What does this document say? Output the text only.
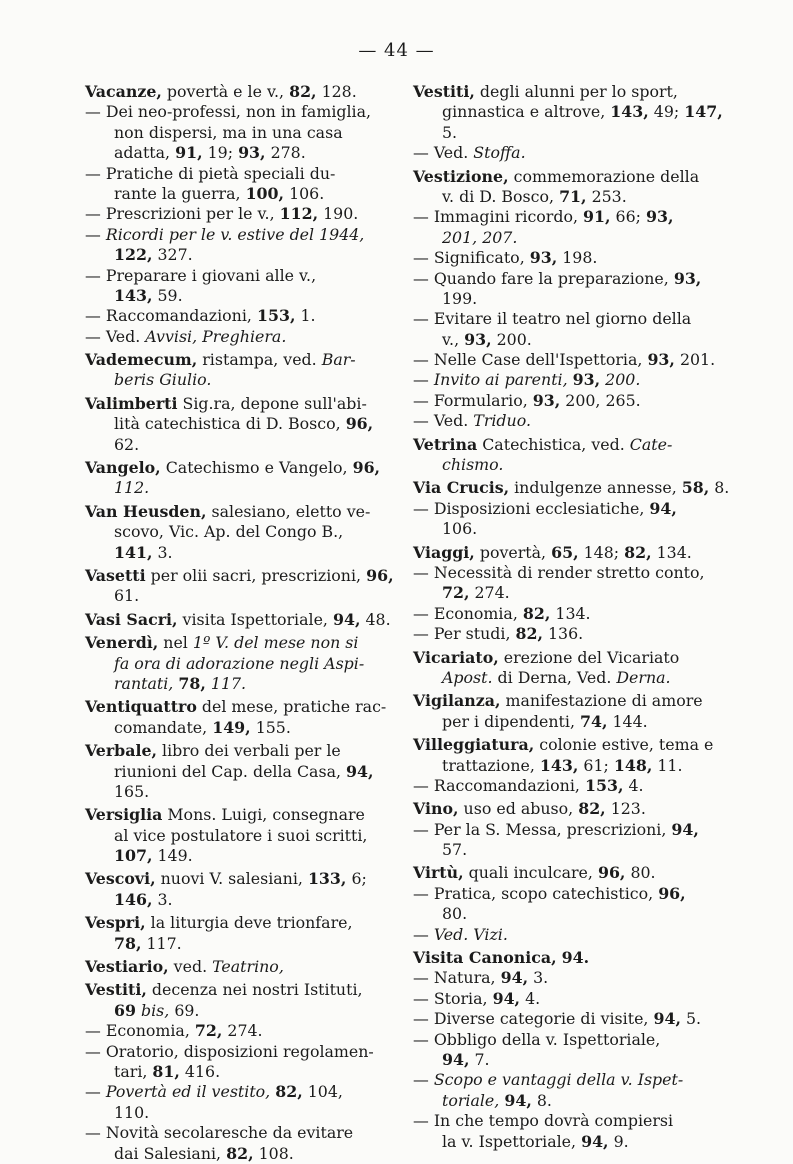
— 44 —
Vacanze, povertà e le v., 82, 128.
— Dei neo-professi, non in famiglia,
non dispersi, ma in una casa
adatta, 91, 19; 93, 278.
— Pratiche di pietà speciali du-
rante la guerra, 100, 106.
— Prescrizioni per le v., 112, 190.
— Ricordi per le v. estive del 1944,
122, 327.
— Preparare i giovani alle v.,
143, 59.
— Raccomandazioni, 153, 1.
— Ved. Avvisi, Preghiera.
Vademecum, ristampa, ved. Bar-
beris Giulio.
Valimberti Sig.ra, depone sull'abi-
lità catechistica di D. Bosco, 96,
62.
Vangelo, Catechismo e Vangelo, 96,
112.
Van Heusden, salesiano, eletto ve-
scovo, Vic. Ap. del Congo B.,
141, 3.
Vasetti per olii sacri, prescrizioni, 96,
61.
Vasi Sacri, visita Ispettoriale, 94, 48.
Venerdì, nel 1º V. del mese non si
fa ora di adorazione negli Aspi-
rantati, 78, 117.
Ventiquattro del mese, pratiche rac-
comandate, 149, 155.
Verbale, libro dei verbali per le
riunioni del Cap. della Casa, 94,
165.
Versiglia Mons. Luigi, consegnare
al vice postulatore i suoi scritti,
107, 149.
Vescovi, nuovi V. salesiani, 133, 6;
146, 3.
Vespri, la liturgia deve trionfare,
78, 117.
Vestiario, ved. Teatrino,
Vestiti, decenza nei nostri Istituti,
69 bis, 69.
— Economia, 72, 274.
— Oratorio, disposizioni regolamen-
tari, 81, 416.
— Povertà ed il vestito, 82, 104,
110.
— Novità secolaresche da evitare
dai Salesiani, 82, 108.
Vestiti, degli alunni per lo sport,
ginnastica e altrove, 143, 49; 147,
5.
— Ved. Stoffa.
Vestizione, commemorazione della
v. di D. Bosco, 71, 253.
— Immagini ricordo, 91, 66; 93,
201, 207.
— Significato, 93, 198.
— Quando fare la preparazione, 93,
199.
— Evitare il teatro nel giorno della
v., 93, 200.
— Nelle Case dell'Ispettoria, 93, 201.
— Invito ai parenti, 93, 200.
— Formulario, 93, 200, 265.
— Ved. Triduo.
Vetrina Catechistica, ved. Cate-
chismo.
Via Crucis, indulgenze annesse, 58, 8.
— Disposizioni ecclesiatiche, 94,
106.
Viaggi, povertà, 65, 148; 82, 134.
— Necessità di render stretto conto,
72, 274.
— Economia, 82, 134.
— Per studi, 82, 136.
Vicariato, erezione del Vicariato
Apost. di Derna, Ved. Derna.
Vigilanza, manifestazione di amore
per i dipendenti, 74, 144.
Villeggiatura, colonie estive, tema e
trattazione, 143, 61; 148, 11.
— Raccomandazioni, 153, 4.
Vino, uso ed abuso, 82, 123.
— Per la S. Messa, prescrizioni, 94,
57.
Virtù, quali inculcare, 96, 80.
— Pratica, scopo catechistico, 96,
80.
— Ved. Vizi.
Visita Canonica, 94.
— Natura, 94, 3.
— Storia, 94, 4.
— Diverse categorie di visite, 94, 5.
— Obbligo della v. Ispettoriale,
94, 7.
— Scopo e vantaggi della v. Ispet-
toriale, 94, 8.
— In che tempo dovrà compiersi
la v. Ispettoriale, 94, 9.
